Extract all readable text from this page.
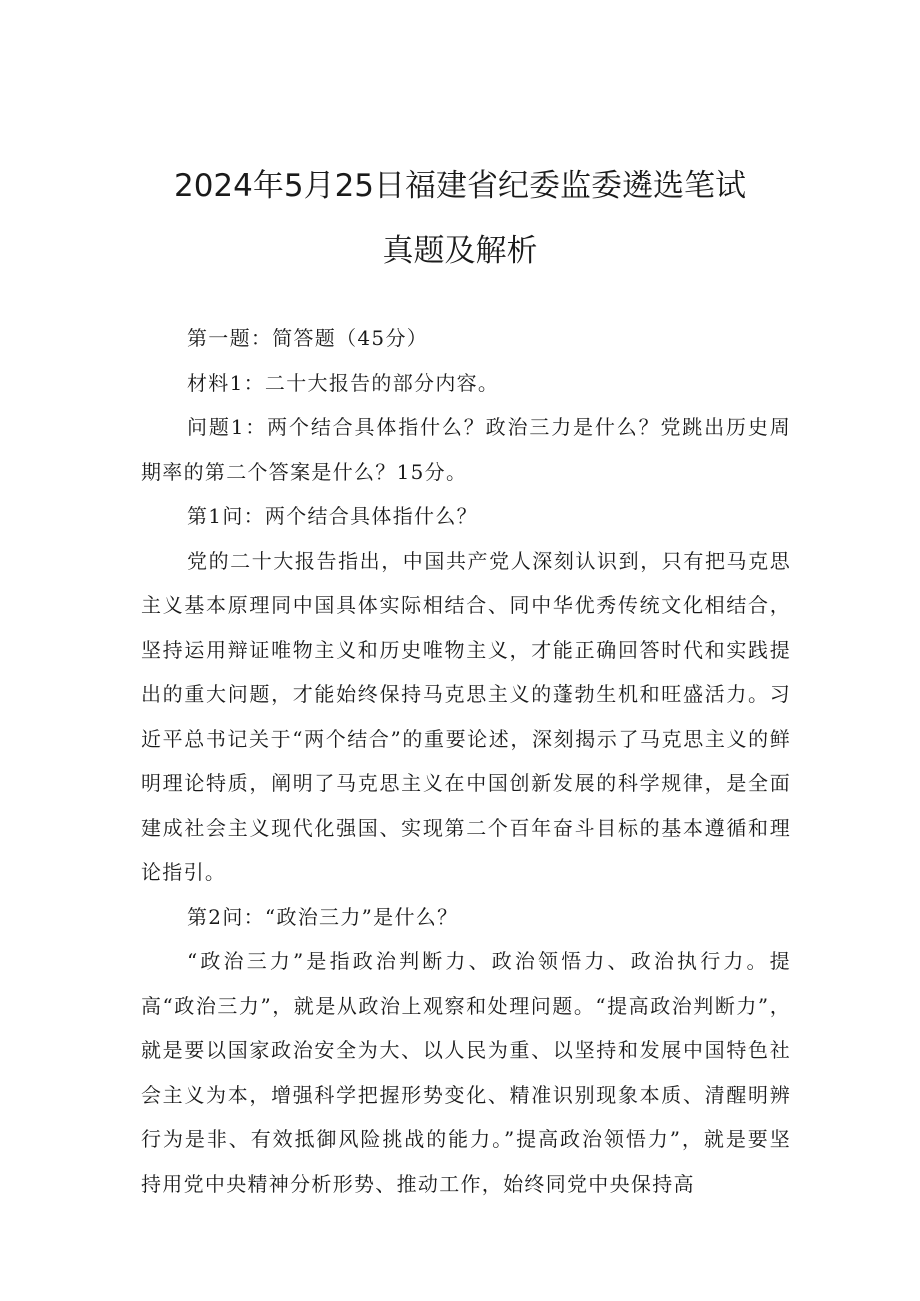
2024年5月25日福建省纪委监委遴选笔试
真题及解析

第一题：简答题（45分）

材料1：二十大报告的部分内容。

问题1：两个结合具体指什么？政治三力是什么？党跳出历史周期率的第二个答案是什么？15分。

第1问：两个结合具体指什么？

党的二十大报告指出，中国共产党人深刻认识到，只有把马克思主义基本原理同中国具体实际相结合、同中华优秀传统文化相结合，坚持运用辩证唯物主义和历史唯物主义，才能正确回答时代和实践提出的重大问题，才能始终保持马克思主义的蓬勃生机和旺盛活力。习近平总书记关于“两个结合”的重要论述，深刻揭示了马克思主义的鲜明理论特质，阐明了马克思主义在中国创新发展的科学规律，是全面建成社会主义现代化强国、实现第二个百年奋斗目标的基本遵循和理论指引。

第2问：“政治三力”是什么？

“政治三力”是指政治判断力、政治领悟力、政治执行力。提高“政治三力”，就是从政治上观察和处理问题。“提高政治判断力”，就是要以国家政治安全为大、以人民为重、以坚持和发展中国特色社会主义为本，增强科学把握形势变化、精准识别现象本质、清醒明辨行为是非、有效抵御风险挑战的能力。”提高政治领悟力”，就是要坚持用党中央精神分析形势、推动工作，始终同党中央保持高
